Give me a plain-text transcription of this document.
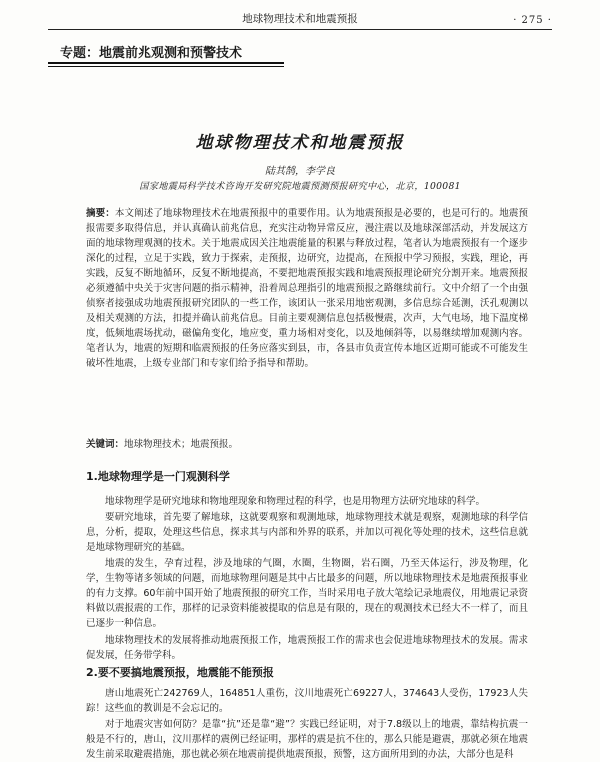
地球物理技术和地震预报	· 275 ·
专题：地震前兆观测和预警技术
地球物理技术和地震预报
陆其鹄，李学良
国家地震局科学技术咨询开发研究院地震预测预报研究中心，北京，100081
摘要：本文阐述了地球物理技术在地震预报中的重要作用。认为地震预报是必要的，也是可行的。地震预报需要多取得信息，并认真确认前兆信息，充实注动物异常反应，漫注震以及地球深部活动，并发展这方面的地球物理观测的技术。关于地震成因关注地震能量的积累与释放过程，笔者认为地震预报有一个逐步深化的过程，立足于实践，致力于探索，走预报，边研究，边提高，在预报中学习预报，实践，理论，再实践，反复不断地循环，反复不断地提高，不要把地震预报实践和地震预报理论研究分割开来。地震预报必须遵循中央关于灾害问题的指示精神，沿着周总理指引的地震预报之路继续前行。文中介绍了一个由强侦察者接强成功地震预报研究团队的一些工作，该团认一张采用地密观测，多信息综合延测，沃孔观测以及相关观测的方法，扣提并确认前兆信息。目前主要观测信息包括极慢震，次声，大气电场，地下温度梯度，低频地震场扰动，磁偏角变化，地应变，重力场相对变化，以及地倾斜等，以易继续增加观测内容。笔者认为，地震的短期和临震预报的任务应落实到县，市，各县市负责宣传本地区近期可能或不可能发生破坏性地震，上级专业部门和专家们给予指导和帮助。
关键词：地球物理技术；地震预报。
1.地球物理学是一门观测科学
地球物理学是研究地球和物地理现象和物理过程的科学，也是用物理方法研究地球的科学。
要研究地球，首先要了解地球，这就要观察和观测地球，地球物理技术就是观察，观测地球的科学信息，分析，提取，处理这些信息，探求其与内部和外界的联系，并加以可视化等处理的技术，这些信息就是地球物理研究的基础。
地震的发生，孕育过程，涉及地球的气圈，水圈，生物圈，岩石圈，乃至天体运行，涉及物理，化学，生物等诸多领域的问题，而地球物理问题是其中占比最多的问题，所以地球物理技术是地震预报事业的有力支撑。60年前中国开始了地震预报的研究工作，当时采用电子放大笔绘记录地震仪，用地震记录资料做以震报震的工作，那样的记录资料能被提取的信息是有限的，现在的观测技术已经大不一样了，而且已逐步一种信息。
地球物理技术的发展将推动地震预报工作，地震预报工作的需求也会促进地球物理技术的发展。需求促发展，任务带学科。
2.要不要搞地震预报，地震能不能预报
唐山地震死亡242769人，164851人重伤，汶川地震死亡69227人，374643人受伤，17923人失踪！这些血的教训是不会忘记的。
对于地震灾害如何防？是靠“抗”还是靠“避”？实践已经证明，对于7.8级以上的地震，靠结构抗震一般是不行的，唐山，汶川那样的震例已经证明，那样的震是抗不住的，那么只能是避震，那就必须在地震发生前采取避震措施，那也就必须在地震前提供地震预报，预警，这方面所用到的办法，大部分也是科
